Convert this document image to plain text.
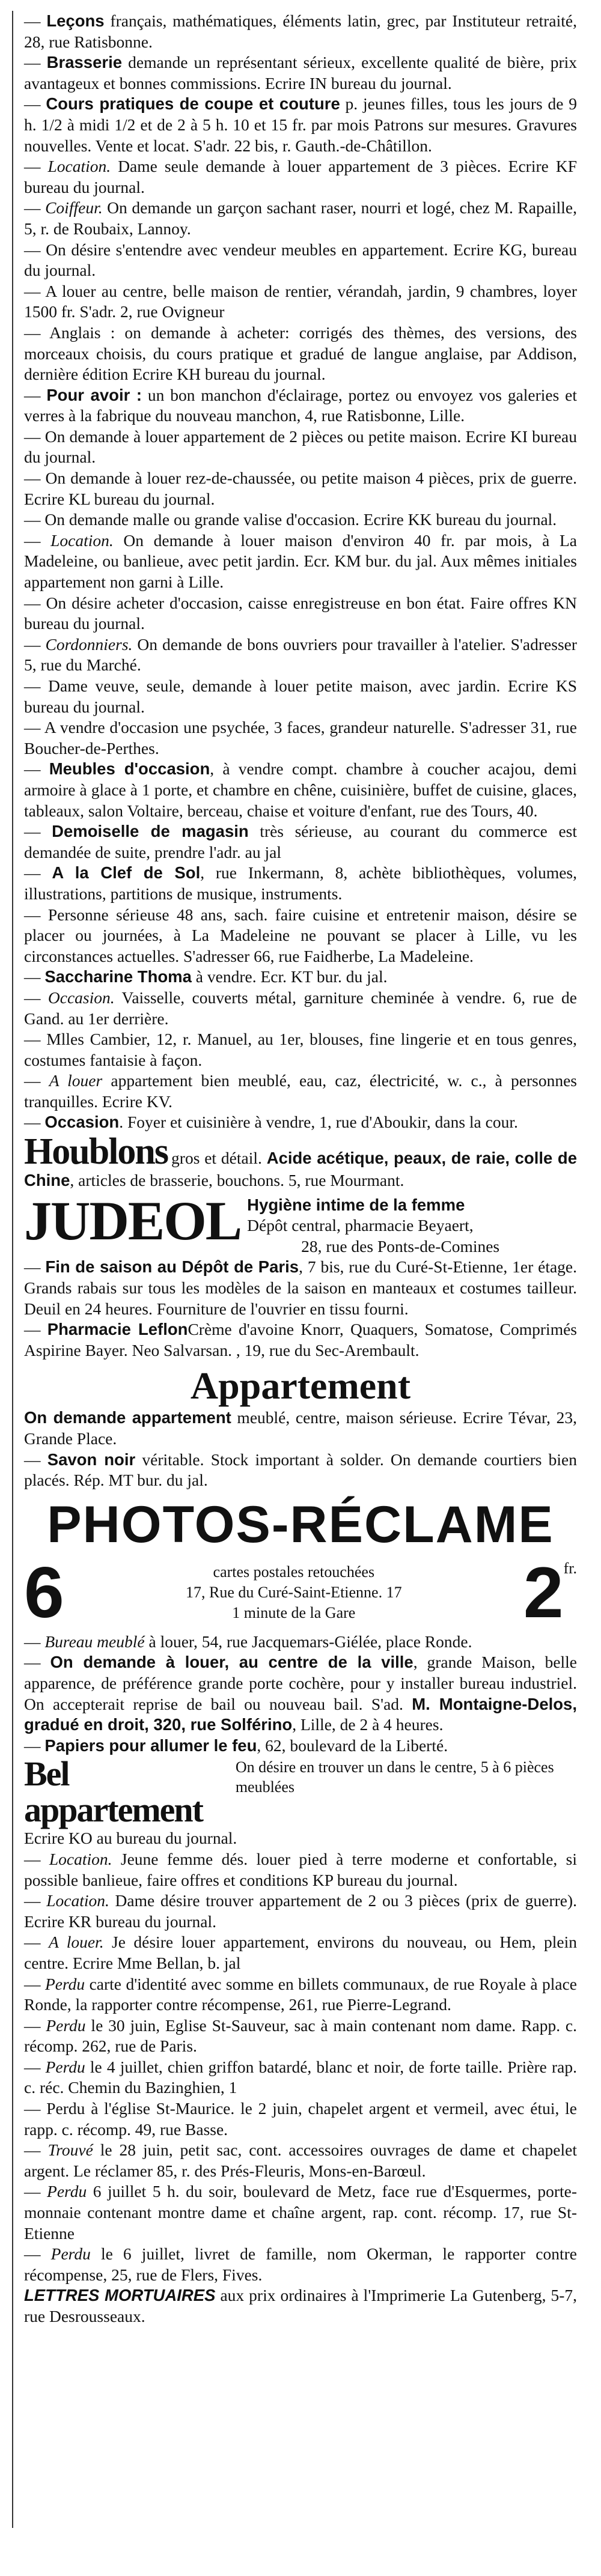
— Leçons français, mathématiques, éléments latin, grec, par Instituteur retraité, 28, rue Ratisbonne.

— Brasserie demande un représentant sérieux, excellente qualité de bière, prix avantageux et bonnes commissions. Ecrire IN bureau du journal.

— Cours pratiques de coupe et couture p. jeunes filles, tous les jours de 9 h. 1/2 à midi 1/2 et de 2 à 5 h. 10 et 15 fr. par mois Patrons sur mesures. Gravures nouvelles. Vente et locat. S'adr. 22 bis, r. Gauth.-de-Châtillon.

— Location. Dame seule demande à louer appartement de 3 pièces. Ecrire KF bureau du journal.

— Coiffeur. On demande un garçon sachant raser, nourri et logé, chez M. Rapaille, 5, r. de Roubaix, Lannoy.

— On désire s'entendre avec vendeur meubles en appartement. Ecrire KG, bureau du journal.

— A louer au centre, belle maison de rentier, vérandah, jardin, 9 chambres, loyer 1500 fr. S'adr. 2, rue Ovigneur

— Anglais : on demande à acheter: corrigés des thèmes, des versions, des morceaux choisis, du cours pratique et gradué de langue anglaise, par Addison, dernière édition Ecrire KH bureau du journal.

— Pour avoir : un bon manchon d'éclairage, portez ou envoyez vos galeries et verres à la fabrique du nouveau manchon, 4, rue Ratisbonne, Lille.

— On demande à louer appartement de 2 pièces ou petite maison. Ecrire KI bureau du journal.

— On demande à louer rez-de-chaussée, ou petite maison 4 pièces, prix de guerre. Ecrire KL bureau du journal.

— On demande malle ou grande valise d'occasion. Ecrire KK bureau du journal.

— Location. On demande à louer maison d'environ 40 fr. par mois, à La Madeleine, ou banlieue, avec petit jardin. Ecr. KM bur. du jal. Aux mêmes initiales appartement non garni à Lille.

— On désire acheter d'occasion, caisse enregistreuse en bon état. Faire offres KN bureau du journal.

— Cordonniers. On demande de bons ouvriers pour travailler à l'atelier. S'adresser 5, rue du Marché.

— Dame veuve, seule, demande à louer petite maison, avec jardin. Ecrire KS bureau du journal.

— A vendre d'occasion une psychée, 3 faces, grandeur naturelle. S'adresser 31, rue Boucher-de-Perthes.

— Meubles d'occasion, à vendre compt. chambre à coucher acajou, demi armoire à glace à 1 porte, et chambre en chêne, cuisinière, buffet de cuisine, glaces, tableaux, salon Voltaire, berceau, chaise et voiture d'enfant, rue des Tours, 40.

— Demoiselle de magasin très sérieuse, au courant du commerce est demandée de suite, prendre l'adr. au jal

— A la Clef de Sol, rue Inkermann, 8, achète bibliothèques, volumes, illustrations, partitions de musique, instruments.

— Personne sérieuse 48 ans, sach. faire cuisine et entretenir maison, désire se placer ou journées, à La Madeleine ne pouvant se placer à Lille, vu les circonstances actuelles. S'adresser 66, rue Faidherbe, La Madeleine.

— Saccharine Thoma à vendre. Ecr. KT bur. du jal.

— Occasion. Vaisselle, couverts métal, garniture cheminée à vendre. 6, rue de Gand. au 1er derrière.

— Mlles Cambier, 12, r. Manuel, au 1er, blouses, fine lingerie et en tous genres, costumes fantaisie à façon.

— A louer appartement bien meublé, eau, caz, électricité, w. c., à personnes tranquilles. Ecrire KV.

— Occasion. Foyer et cuisinière à vendre, 1, rue d'Aboukir, dans la cour.

Houblons gros et détail. Acide acétique, peaux, de raie, colle de Chine, articles de brasserie, bouchons. 5, rue Mourmant.

JUDEOL Hygiène intime de la femme
Dépôt central, pharmacie Beyaert,
28, rue des Ponts-de-Comines

— Fin de saison au Dépôt de Paris, 7 bis, rue du Curé-St-Etienne, 1er étage. Grands rabais sur tous les modèles de la saison en manteaux et costumes tailleur. Deuil en 24 heures. Fourniture de l'ouvrier en tissu fourni.

— Pharmacie LeflonCrème d'avoine Knorr, Quaquers, Somatose, Comprimés Aspirine Bayer. Neo Salvarsan. , 19, rue du Sec-Arembault.

Appartement

On demande appartement meublé, centre, maison sérieuse. Ecrire Tévar, 23, Grande Place.

— Savon noir véritable. Stock important à solder. On demande courtiers bien placés. Rép. MT bur. du jal.

PHOTOS-RÉCLAME
6	cartes postales retouchées
17, Rue du Curé-Saint-Etienne. 17
1 minute de la Gare	2 fr.

— Bureau meublé à louer, 54, rue Jacquemars-Giélée, place Ronde.

— On demande à louer, au centre de la ville, grande Maison, belle apparence, de préférence grande porte cochère, pour y installer bureau industriel. On accepterait reprise de bail ou nouveau bail. S'ad. M. Montaigne-Delos, gradué en droit, 320, rue Solférino, Lille, de 2 à 4 heures.

— Papiers pour allumer le feu, 62, boulevard de la Liberté.

Bel appartement
On désire en trouver un dans le centre, 5 à 6 pièces meublées

Ecrire KO au bureau du journal.

— Location. Jeune femme dés. louer pied à terre moderne et confortable, si possible banlieue, faire offres et conditions KP bureau du journal.

— Location. Dame désire trouver appartement de 2 ou 3 pièces (prix de guerre). Ecrire KR bureau du journal.

— A louer. Je désire louer appartement, environs du nouveau, ou Hem, plein centre. Ecrire Mme Bellan, b. jal

— Perdu carte d'identité avec somme en billets communaux, de rue Royale à place Ronde, la rapporter contre récompense, 261, rue Pierre-Legrand.

— Perdu le 30 juin, Eglise St-Sauveur, sac à main contenant nom dame. Rapp. c. récomp. 262, rue de Paris.

— Perdu le 4 juillet, chien griffon batardé, blanc et noir, de forte taille. Prière rap. c. réc. Chemin du Bazinghien, 1

— Perdu à l'église St-Maurice. le 2 juin, chapelet argent et vermeil, avec étui, le rapp. c. récomp. 49, rue Basse.

— Trouvé le 28 juin, petit sac, cont. accessoires ouvrages de dame et chapelet argent. Le réclamer 85, r. des Prés-Fleuris, Mons-en-Barœul.

— Perdu 6 juillet 5 h. du soir, boulevard de Metz, face rue d'Esquermes, porte-monnaie contenant montre dame et chaîne argent, rap. cont. récomp. 17, rue St-Etienne

— Perdu le 6 juillet, livret de famille, nom Okerman, le rapporter contre récompense, 25, rue de Flers, Fives.

LETTRES MORTUAIRES aux prix ordinaires à l'Imprimerie La Gutenberg, 5-7, rue Desrousseaux.
